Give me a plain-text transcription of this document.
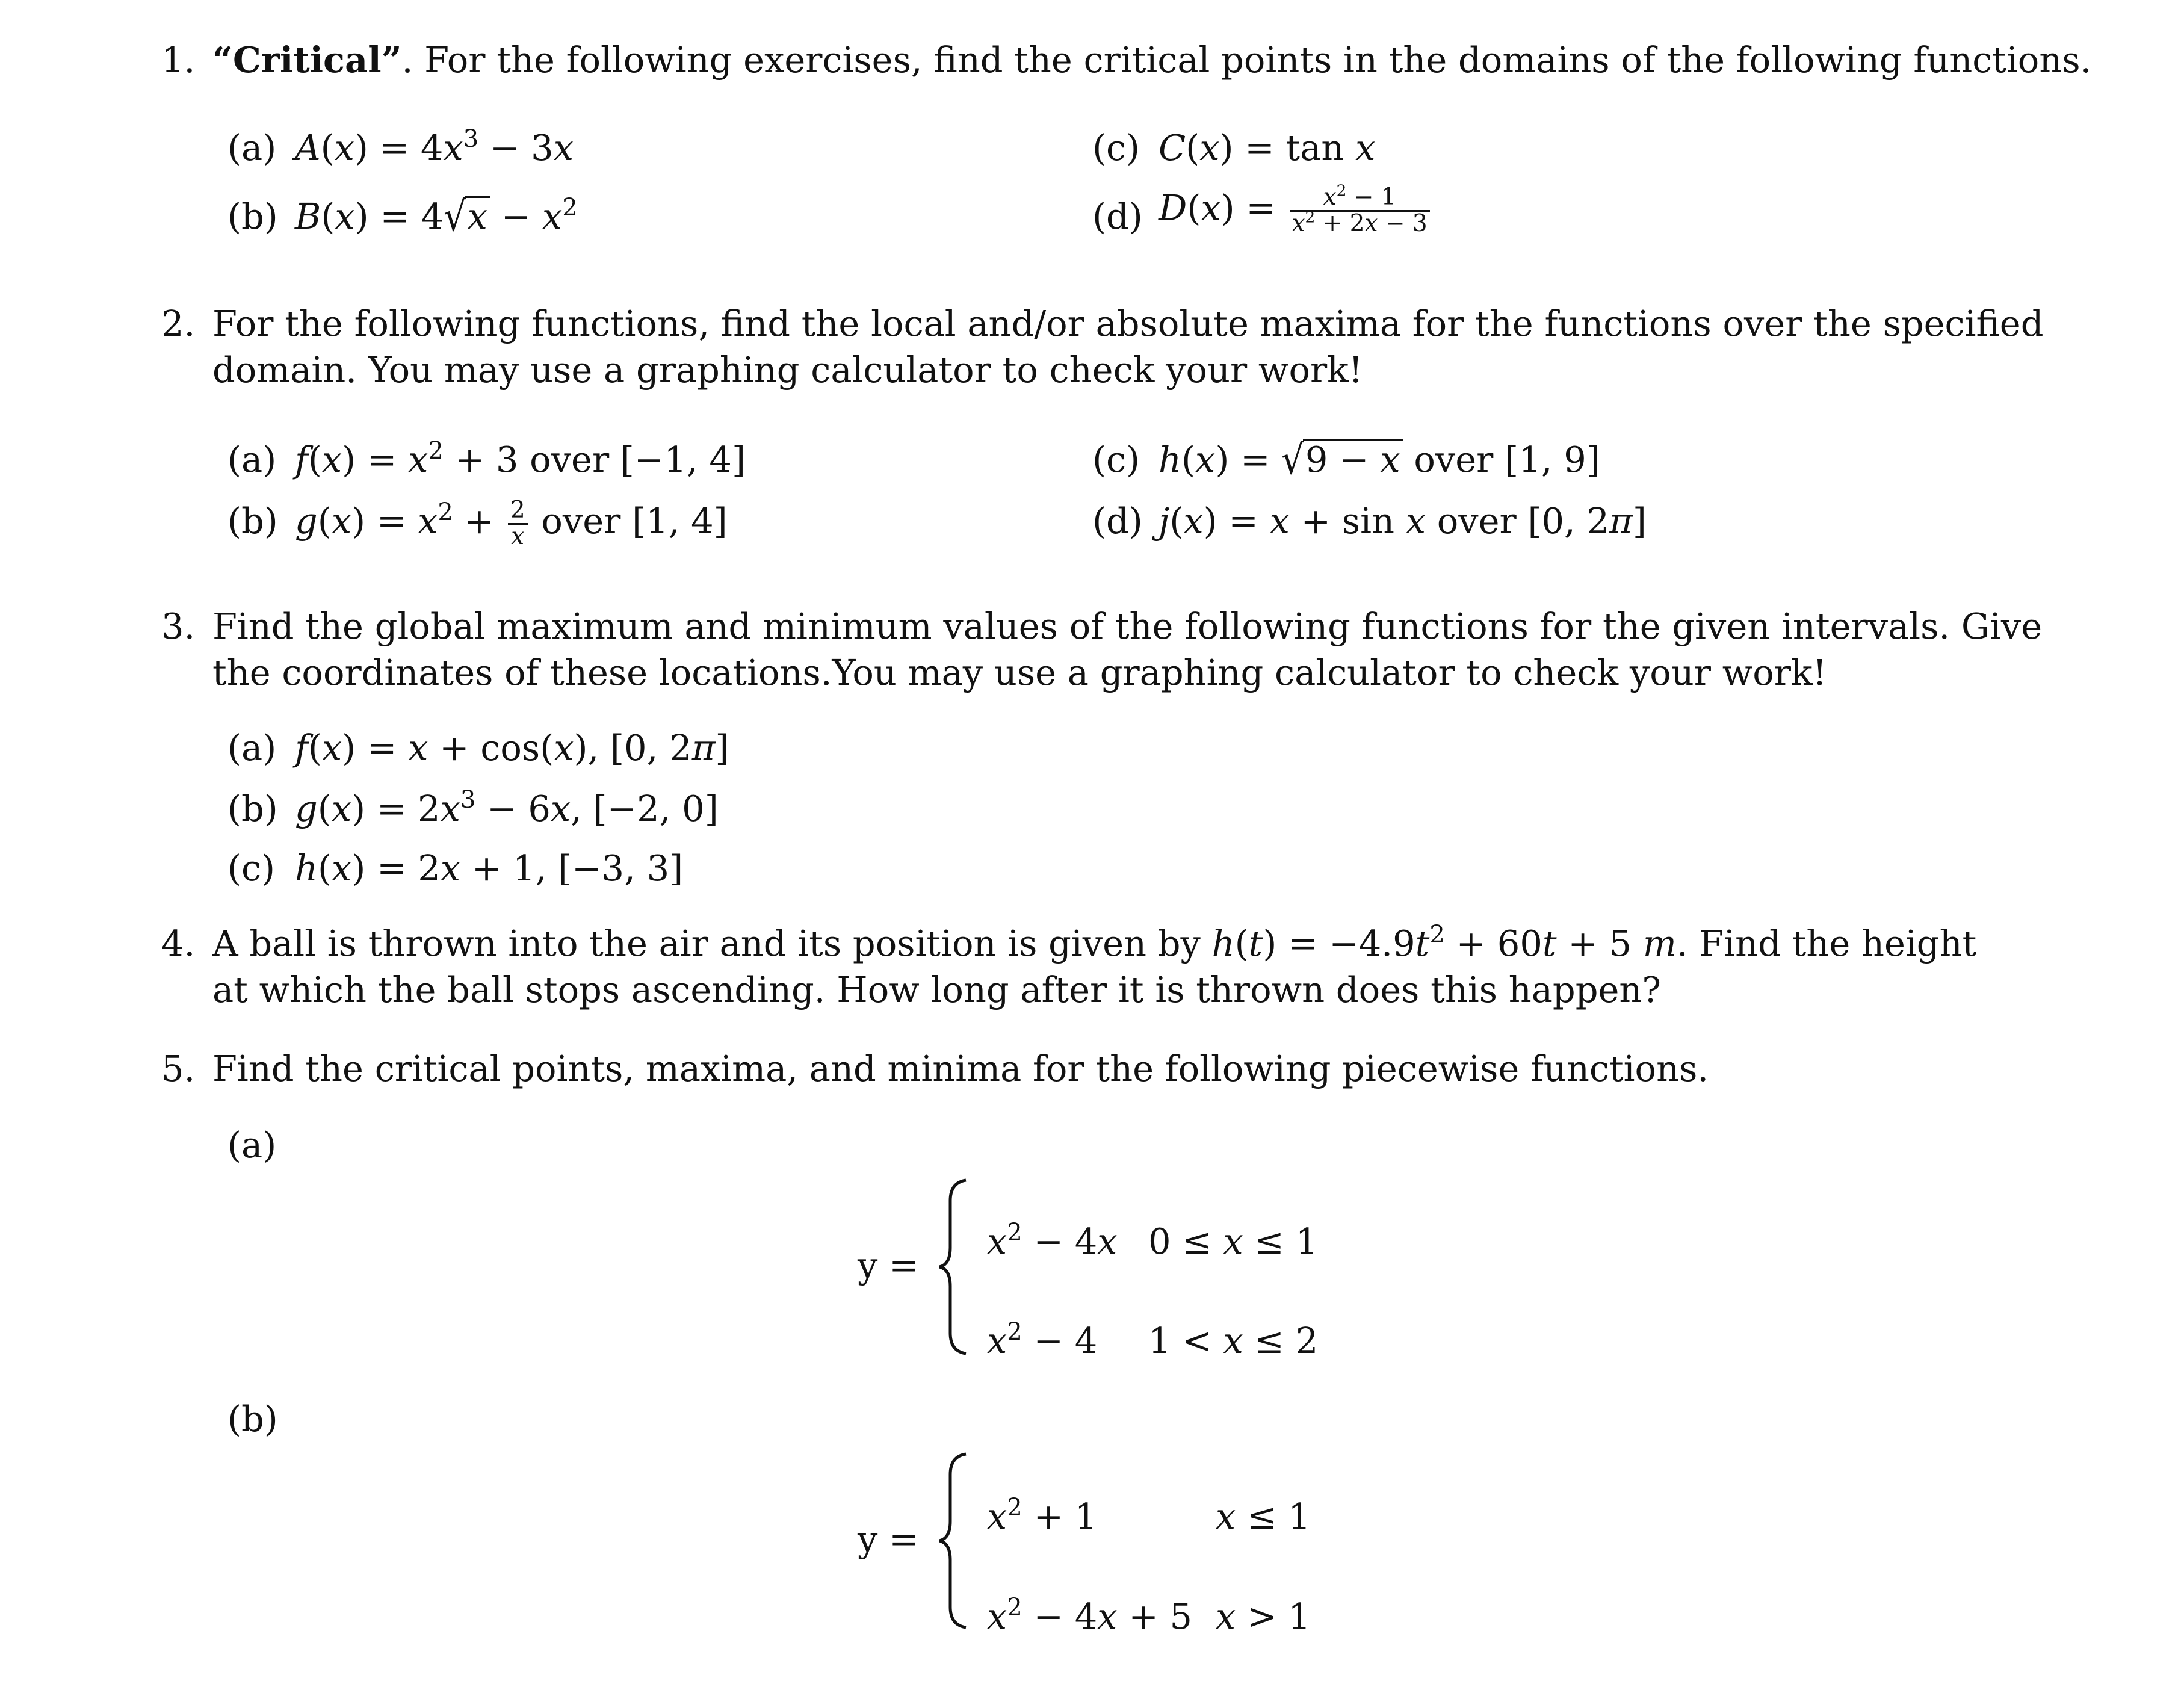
1. “Critical”. For the following exercises, find the critical points in the domains of the following functions.
(a) $A(x) = 4x^3 - 3x$
(b) $B(x) = 4√x - x^2$
(c) C(x) = tan x
(d) $D(x) = \frac{x^2 - 1}{x^2 + 2x - 3}$
2. For the following functions, find the local and/or absolute maxima for the functions over the specified
domain. You may use a graphing calculator to check your work!
(a) $f(x) = x^2 + 3$ over [−1, 4]
(b) $g(x) = x^2 + \frac{2}{x}$ over [1, 4]
(c) h(x) = √9 − x over [1, 9]
(d) j(x) = x + sin x over [0, 2π]
3. Find the global maximum and minimum values of the following functions for the given intervals. Give
the coordinates of these locations.You may use a graphing calculator to check your work!
(a) f(x) = x + cos(x), [0, 2π]
(b) $g(x) = 2x^3 - 6x$, [−2, 0]
(c) h(x) = 2x + 1, [−3, 3]
4. A ball is thrown into the air and its position is given by $h(t) = -4.9t^2 + 60t + 5$ m. Find the height
at which the ball stops ascending. How long after it is thrown does this happen?
5. Find the critical points, maxima, and minima for the following piecewise functions.
(a)
y =
$x^2 - 4x$ 0 ≤ x ≤ 1
$x^2 - 4$ 1 < x ≤ 2
(b)
y =
$x^2 + 1$	x ≤ 1
$x^2 - 4x + 5$ x > 1
